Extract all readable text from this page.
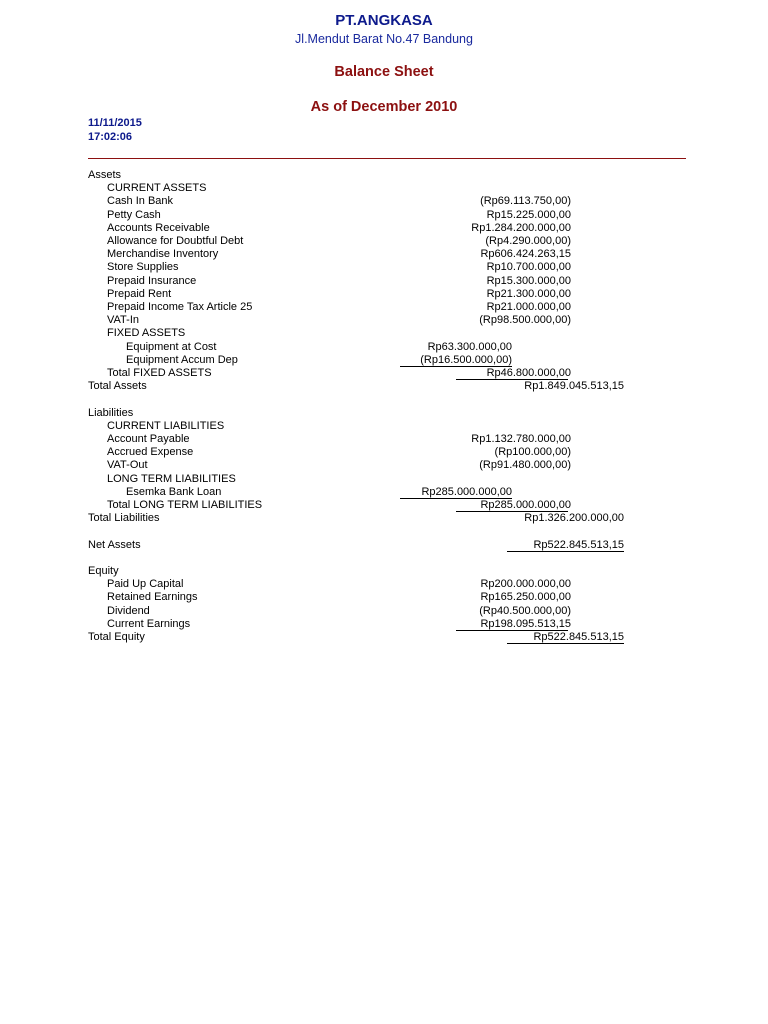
PT.ANGKASA
Jl.Mendut Barat No.47 Bandung
Balance Sheet
As of December 2010
11/11/2015
17:02:06
Assets
CURRENT ASSETS
Cash In Bank	(Rp69.113.750,00)
Petty Cash	Rp15.225.000,00
Accounts Receivable	Rp1.284.200.000,00
Allowance for Doubtful Debt	(Rp4.290.000,00)
Merchandise Inventory	Rp606.424.263,15
Store Supplies	Rp10.700.000,00
Prepaid Insurance	Rp15.300.000,00
Prepaid Rent	Rp21.300.000,00
Prepaid Income Tax Article 25	Rp21.000.000,00
VAT-In	(Rp98.500.000,00)
FIXED ASSETS
Equipment at Cost	Rp63.300.000,00
Equipment Accum Dep	(Rp16.500.000,00)
Total FIXED ASSETS	Rp46.800.000,00
Total Assets	Rp1.849.045.513,15
Liabilities
CURRENT LIABILITIES
Account Payable	Rp1.132.780.000,00
Accrued Expense	(Rp100.000,00)
VAT-Out	(Rp91.480.000,00)
LONG TERM LIABILITIES
Esemka Bank Loan	Rp285.000.000,00
Total LONG TERM LIABILITIES	Rp285.000.000,00
Total Liabilities	Rp1.326.200.000,00
Net Assets	Rp522.845.513,15
Equity
Paid Up Capital	Rp200.000.000,00
Retained Earnings	Rp165.250.000,00
Dividend	(Rp40.500.000,00)
Current Earnings	Rp198.095.513,15
Total Equity	Rp522.845.513,15
